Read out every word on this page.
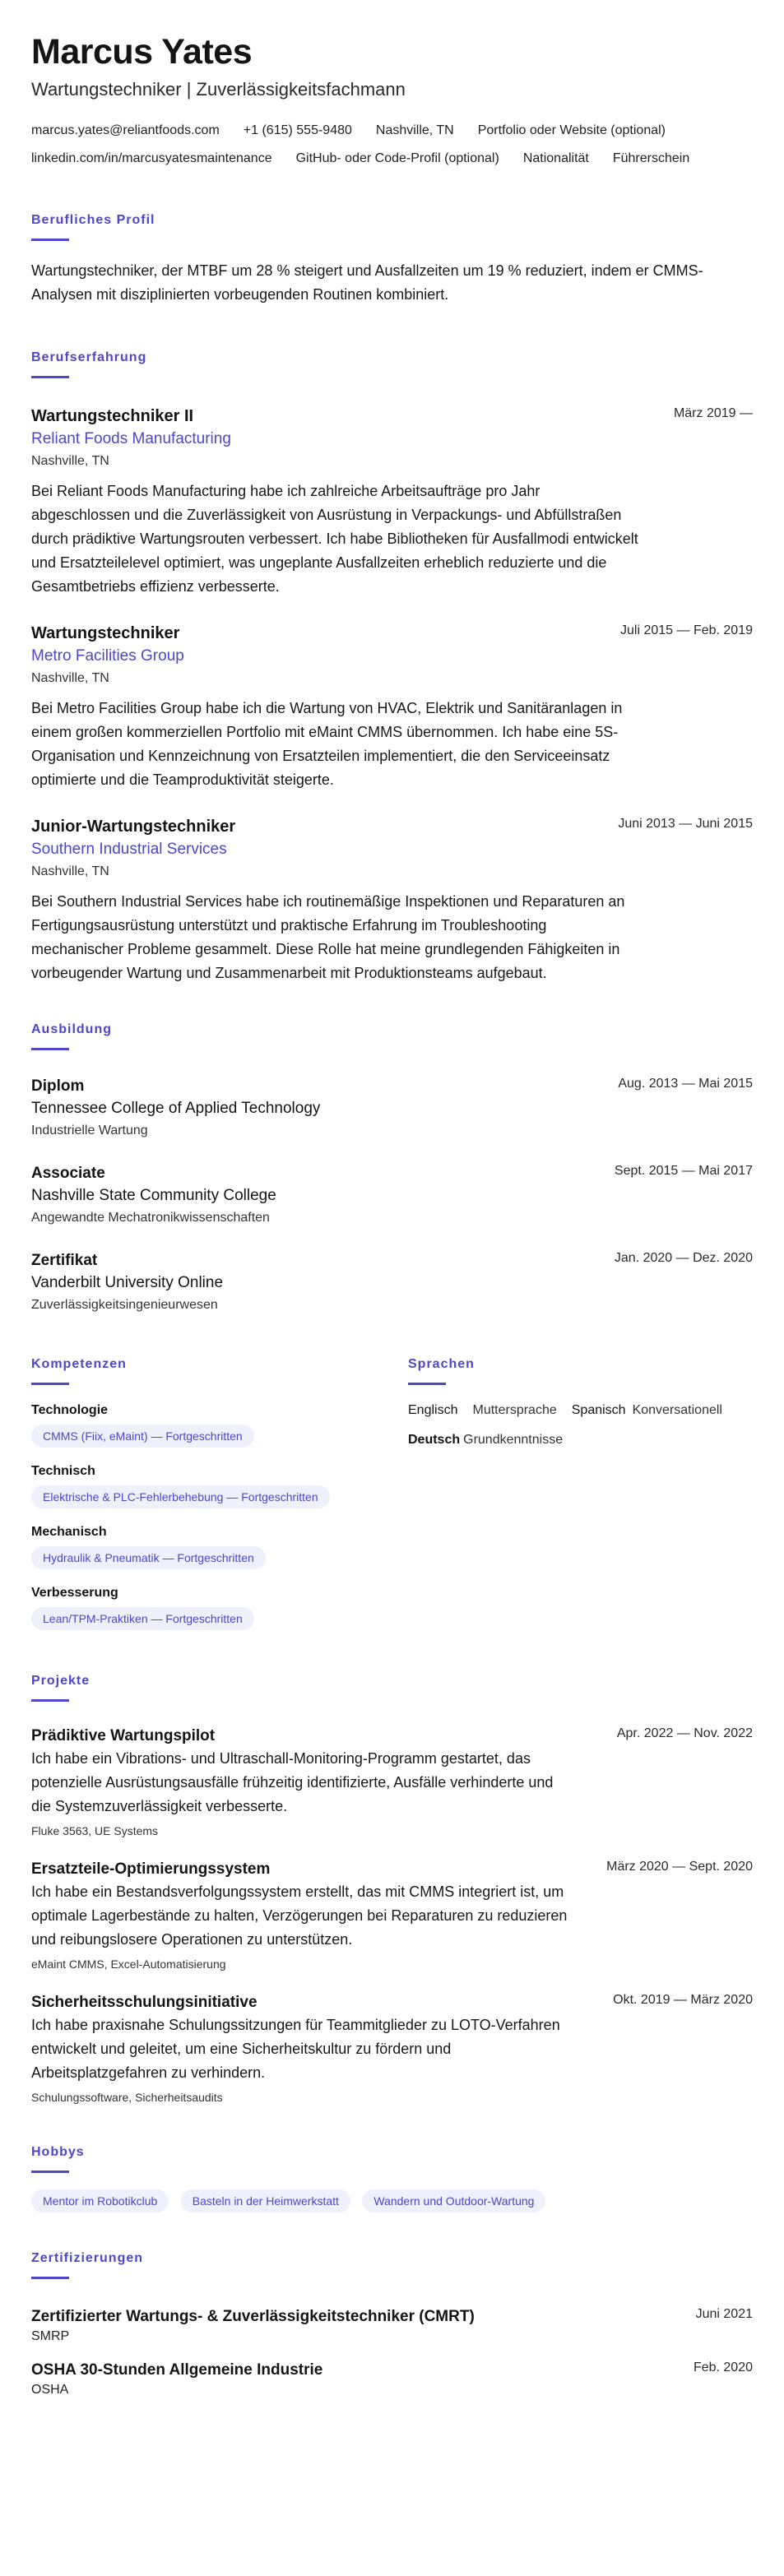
Marcus Yates
Wartungstechniker | Zuverlässigkeitsfachmann
marcus.yates@reliantfoods.com +1 (615) 555-9480 Nashville, TN Portfolio oder Website (optional)
linkedin.com/in/marcusyatesmaintenance GitHub- oder Code-Profil (optional) Nationalität Führerschein
Berufliches Profil
Wartungstechniker, der MTBF um 28 % steigert und Ausfallzeiten um 19 % reduziert, indem er CMMS-Analysen mit disziplinierten vorbeugenden Routinen kombiniert.
Berufserfahrung
Wartungstechniker II	März 2019 —
Reliant Foods Manufacturing
Nashville, TN
Bei Reliant Foods Manufacturing habe ich zahlreiche Arbeitsaufträge pro Jahr abgeschlossen und die Zuverlässigkeit von Ausrüstung in Verpackungs- und Abfüllstraßen durch prädiktive Wartungsrouten verbessert. Ich habe Bibliotheken für Ausfallmodi entwickelt und Ersatzteilelevel optimiert, was ungeplante Ausfallzeiten erheblich reduzierte und die Gesamtbetriebs effizienz verbesserte.
Wartungstechniker	Juli 2015 — Feb. 2019
Metro Facilities Group
Nashville, TN
Bei Metro Facilities Group habe ich die Wartung von HVAC, Elektrik und Sanitäranlagen in einem großen kommerziellen Portfolio mit eMaint CMMS übernommen. Ich habe eine 5S-Organisation und Kennzeichnung von Ersatzteilen implementiert, die den Serviceeinsatz optimierte und die Teamproduktivität steigerte.
Junior-Wartungstechniker	Juni 2013 — Juni 2015
Southern Industrial Services
Nashville, TN
Bei Southern Industrial Services habe ich routinemäßige Inspektionen und Reparaturen an Fertigungsausrüstung unterstützt und praktische Erfahrung im Troubleshooting mechanischer Probleme gesammelt. Diese Rolle hat meine grundlegenden Fähigkeiten in vorbeugender Wartung und Zusammenarbeit mit Produktionsteams aufgebaut.
Ausbildung
Diplom	Aug. 2013 — Mai 2015
Tennessee College of Applied Technology
Industrielle Wartung
Associate	Sept. 2015 — Mai 2017
Nashville State Community College
Angewandte Mechatronikwissenschaften
Zertifikat	Jan. 2020 — Dez. 2020
Vanderbilt University Online
Zuverlässigkeitsingenieurwesen
Kompetenzen
Technologie
CMMS (Fiix, eMaint) — Fortgeschritten
Technisch
Elektrische & PLC-Fehlerbehebung — Fortgeschritten
Mechanisch
Hydraulik & Pneumatik — Fortgeschritten
Verbesserung
Lean/TPM-Praktiken — Fortgeschritten
Sprachen
Englisch Muttersprache Spanisch Konversationell
Deutsch Grundkenntnisse
Projekte
Prädiktive Wartungspilot	Apr. 2022 — Nov. 2022
Ich habe ein Vibrations- und Ultraschall-Monitoring-Programm gestartet, das potenzielle Ausrüstungsausfälle frühzeitig identifizierte, Ausfälle verhinderte und die Systemzuverlässigkeit verbesserte.
Fluke 3563, UE Systems
Ersatzteile-Optimierungssystem	März 2020 — Sept. 2020
Ich habe ein Bestandsverfolgungssystem erstellt, das mit CMMS integriert ist, um optimale Lagerbestände zu halten, Verzögerungen bei Reparaturen zu reduzieren und reibungslosere Operationen zu unterstützen.
eMaint CMMS, Excel-Automatisierung
Sicherheitsschulungsinitiative	Okt. 2019 — März 2020
Ich habe praxisnahe Schulungssitzungen für Teammitglieder zu LOTO-Verfahren entwickelt und geleitet, um eine Sicherheitskultur zu fördern und Arbeitsplatzgefahren zu verhindern.
Schulungssoftware, Sicherheitsaudits
Hobbys
Mentor im Robotikclub	Basteln in der Heimwerkstatt	Wandern und Outdoor-Wartung
Zertifizierungen
Zertifizierter Wartungs- & Zuverlässigkeitstechniker (CMRT)	Juni 2021
SMRP
OSHA 30-Stunden Allgemeine Industrie	Feb. 2020
OSHA
